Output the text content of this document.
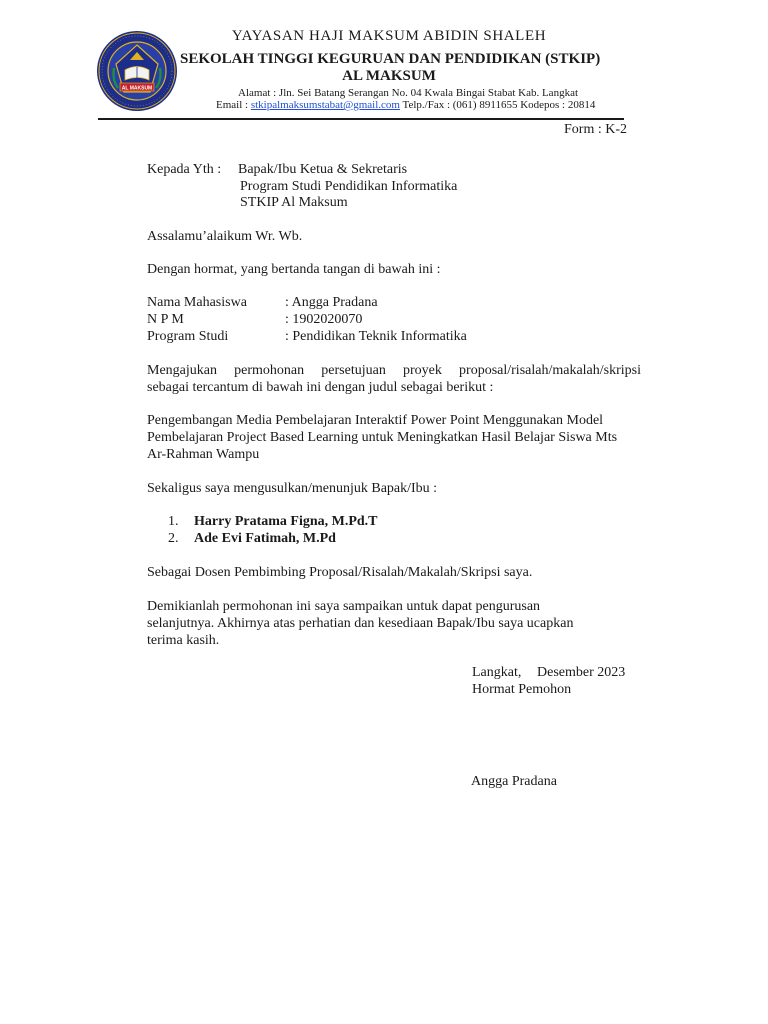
AL MAKSUM
YAYASAN HAJI MAKSUM ABIDIN SHALEH
SEKOLAH TINGGI KEGURUAN DAN PENDIDIKAN (STKIP)
AL MAKSUM
Alamat : Jln. Sei Batang Serangan No. 04 Kwala Bingai Stabat Kab. Langkat
Email : stkipalmaksumstabat@gmail.com Telp./Fax : (061) 8911655 Kodepos : 20814
Form : K-2
Kepada Yth : Bapak/Ibu Ketua & Sekretaris
Program Studi Pendidikan Informatika
STKIP Al Maksum
Assalamu’alaikum Wr. Wb.
Dengan hormat, yang bertanda tangan di bawah ini :
Nama Mahasiswa	: Angga Pradana
N P M	: 1902020070
Program Studi	: Pendidikan Teknik Informatika
Mengajukan permohonan persetujuan proyek proposal/risalah/makalah/skripsi
sebagai tercantum di bawah ini dengan judul sebagai berikut :
Pengembangan Media Pembelajaran Interaktif Power Point Menggunakan Model
Pembelajaran Project Based Learning untuk Meningkatkan Hasil Belajar Siswa Mts
Ar-Rahman Wampu
Sekaligus saya mengusulkan/menunjuk Bapak/Ibu :
1. Harry Pratama Figna, M.Pd.T
2. Ade Evi Fatimah, M.Pd
Sebagai Dosen Pembimbing Proposal/Risalah/Makalah/Skripsi saya.
Demikianlah permohonan ini saya sampaikan untuk dapat pengurusan
selanjutnya. Akhirnya atas perhatian dan kesediaan Bapak/Ibu saya ucapkan
terima kasih.
Langkat, Desember 2023
Hormat Pemohon
Angga Pradana
